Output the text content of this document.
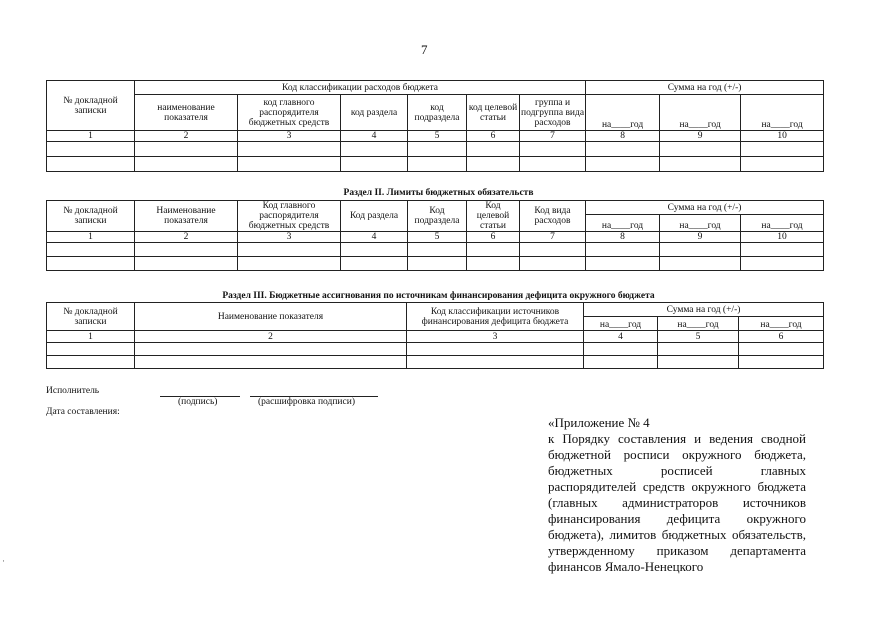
7
№ докладной записки	Код классификации расходов бюджета						Сумма на год (+/-)		
	наименование показателя	код главного распорядителя бюджетных средств	код раздела	код подраздела	код целевой статьи	группа и подгруппа вида расходов	на____год	на____год	на____год
1	2	3	4	5	6	7	8	9	10

Раздел II. Лимиты бюджетных обязательств
№ докладной записки	Наименование показателя	Код главного распорядителя бюджетных средств	Код раздела	Код подраздела	Код целевой статьи	Код вида расходов	Сумма на год (+/-)		
							на____год	на____год	на____год
1	2	3	4	5	6	7	8	9	10

Раздел III. Бюджетные ассигнования по источникам финансирования дефицита окружного бюджета
№ докладной записки	Наименование показателя	Код классификации источников финансирования дефицита бюджета	Сумма на год (+/-)		
			на____год	на____год	на____год
1	2	3	4	5	6

Исполнитель
(подпись)	(расшифровка подписи)
Дата составления:
«Приложение № 4
к Порядку составления и ведения сводной бюджетной росписи окружного бюджета, бюджетных росписей главных распорядителей средств окружного бюджета (главных администраторов источников финансирования дефицита окружного бюджета), лимитов бюджетных обязательств, утвержденному приказом департамента финансов Ямало-Ненецкого
·
